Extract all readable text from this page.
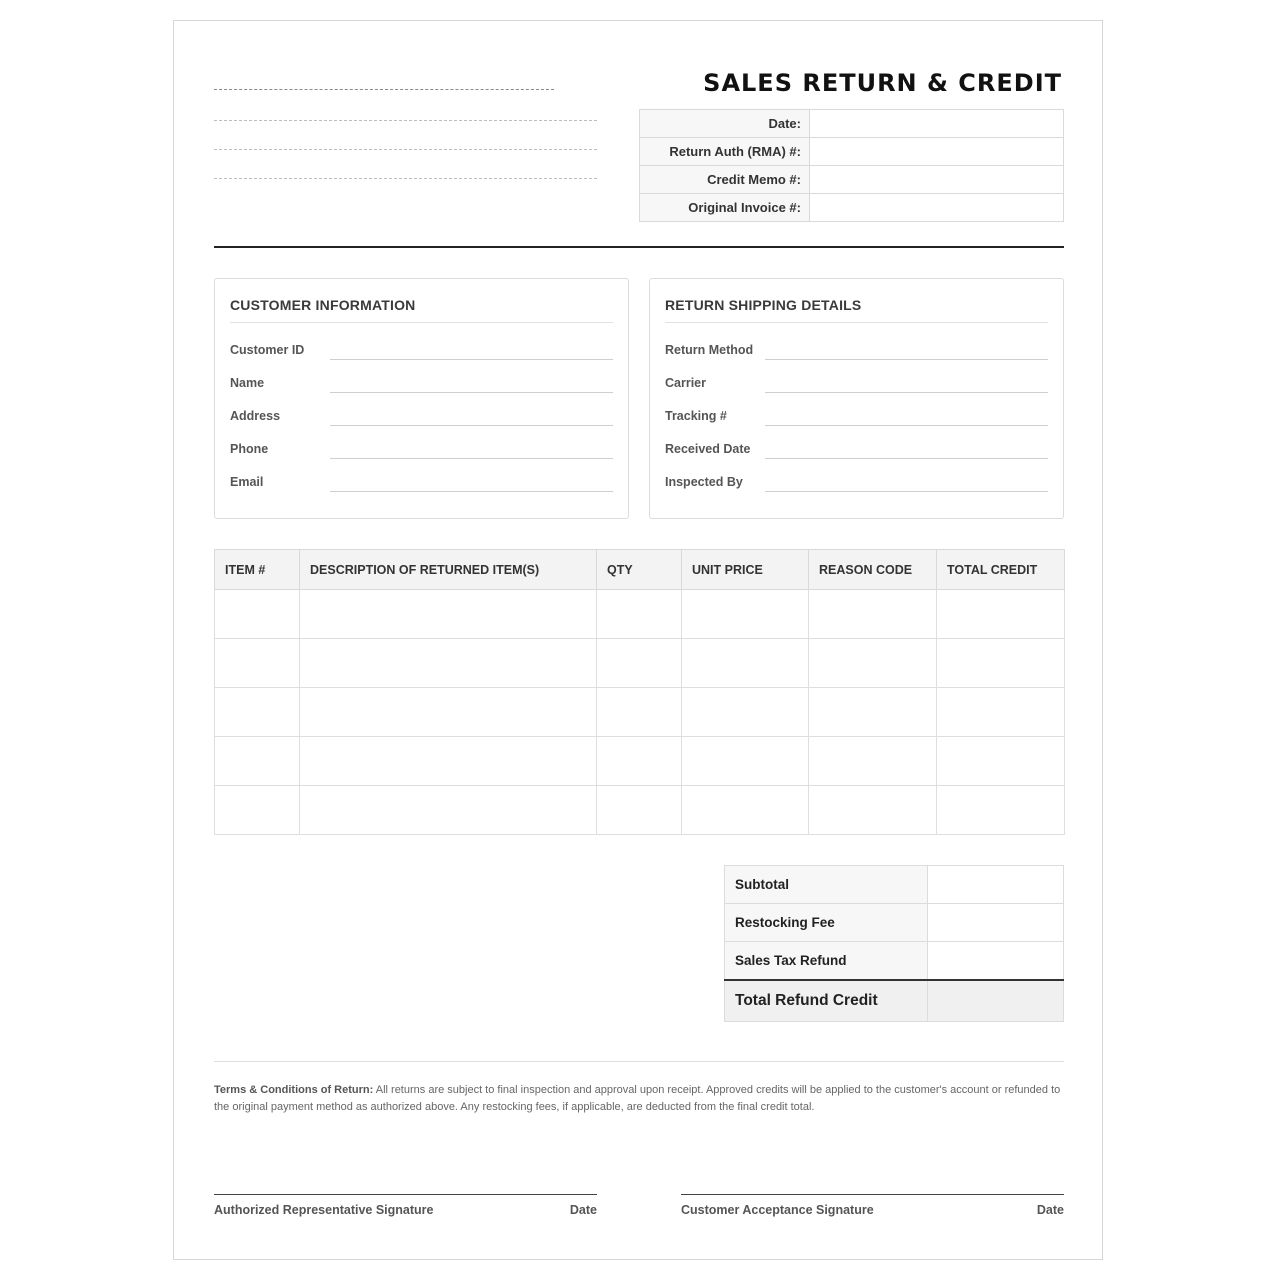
SALES RETURN & CREDIT
Date:	
Return Auth (RMA) #:	
Credit Memo #:	
Original Invoice #:	
CUSTOMER INFORMATION
Customer ID
Name
Address
Phone
Email
RETURN SHIPPING DETAILS
Return Method
Carrier
Tracking #
Received Date
Inspected By
ITEM #	DESCRIPTION OF RETURNED ITEM(S)	QTY	UNIT PRICE	REASON CODE	TOTAL CREDIT

Subtotal	
Restocking Fee	
Sales Tax Refund	
Total Refund Credit	
Terms & Conditions of Return: All returns are subject to final inspection and approval upon receipt. Approved credits will be applied to the customer's account or refunded to the original payment method as authorized above. Any restocking fees, if applicable, are deducted from the final credit total.
Authorized Representative Signature	Date	Customer Acceptance Signature	Date
